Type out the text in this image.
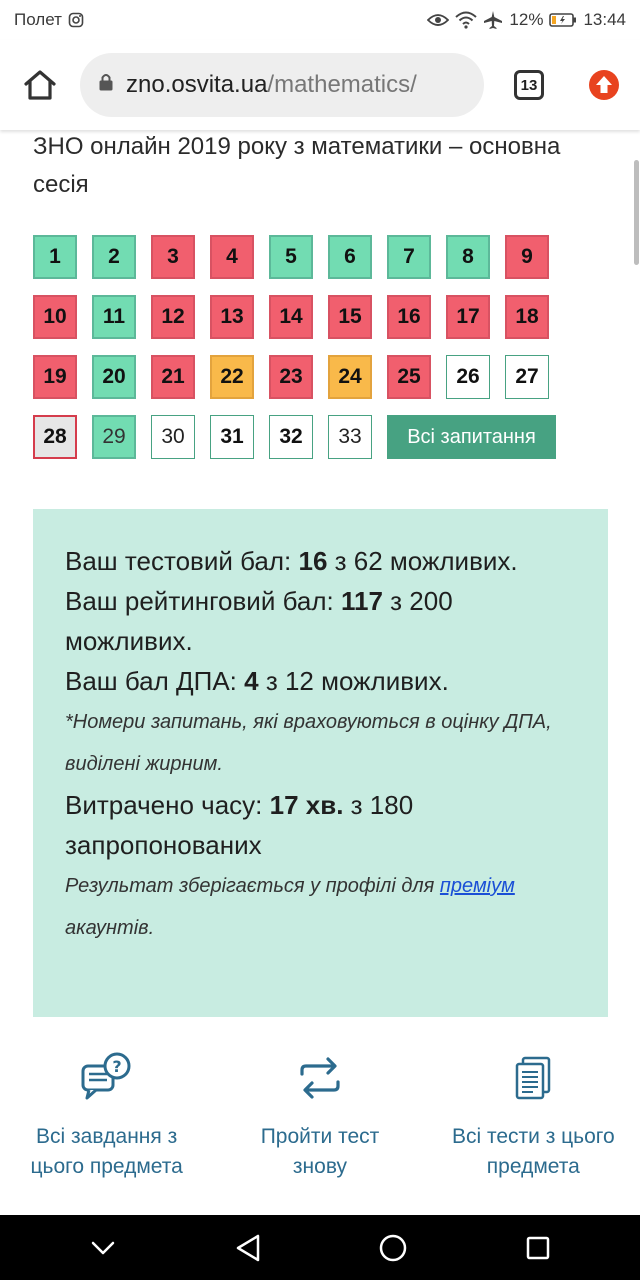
Полет	12% 13:44
zno.osvita.ua /mathematics/	13
ЗНО онлайн 2019 року з математики – основна сесія
1	2	3	4	5	6	7	8	9
10	11	12	13	14	15	16	17	18
19	20	21	22	23	24	25	26	27
28	29	30	31	32	33	Всі запитання
Ваш тестовий бал: 16 з 62 можливих.
Ваш рейтинговий бал: 117 з 200 можливих.
Ваш бал ДПА: 4 з 12 можливих.
*Номери запитань, які враховуються в оцінку ДПА, виділені жирним.
Витрачено часу: 17 хв. з 180 запропонованих
Результат зберігається у профілі для преміум акаунтів.
?
Всі завдання з цього предмета
Пройти тест знову
Всі тести з цього предмета
